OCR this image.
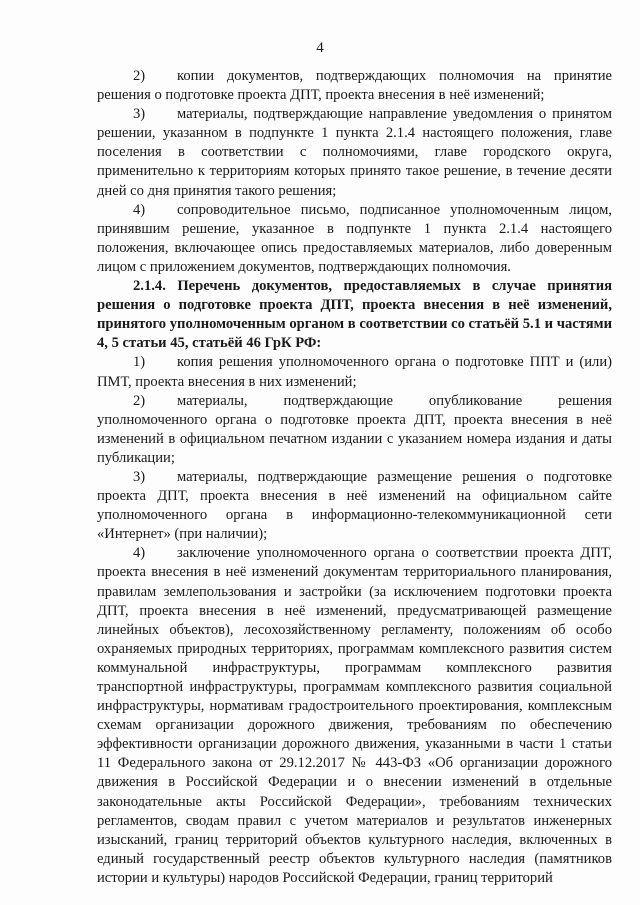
4

2) копии документов, подтверждающих полномочия на принятие решения о подготовке проекта ДПТ, проекта внесения в неё изменений;

3) материалы, подтверждающие направление уведомления о принятом решении, указанном в подпункте 1 пункта 2.1.4 настоящего положения, главе поселения в соответствии с полномочиями, главе городского округа, применительно к территориям которых принято такое решение, в течение десяти дней со дня принятия такого решения;

4) сопроводительное письмо, подписанное уполномоченным лицом, принявшим решение, указанное в подпункте 1 пункта 2.1.4 настоящего положения, включающее опись предоставляемых материалов, либо доверенным лицом с приложением документов, подтверждающих полномочия.

2.1.4. Перечень документов, предоставляемых в случае принятия решения о подготовке проекта ДПТ, проекта внесения в неё изменений, принятого уполномоченным органом в соответствии со статьёй 5.1 и частями 4, 5 статьи 45, статьёй 46 ГрК РФ:

1) копия решения уполномоченного органа о подготовке ППТ и (или) ПМТ, проекта внесения в них изменений;

2) материалы, подтверждающие опубликование решения уполномоченного органа о подготовке проекта ДПТ, проекта внесения в неё изменений в официальном печатном издании с указанием номера издания и даты публикации;

3) материалы, подтверждающие размещение решения о подготовке проекта ДПТ, проекта внесения в неё изменений на официальном сайте уполномоченного органа в информационно-телекоммуникационной сети «Интернет» (при наличии);

4) заключение уполномоченного органа о соответствии проекта ДПТ, проекта внесения в неё изменений документам территориального планирования, правилам землепользования и застройки (за исключением подготовки проекта ДПТ, проекта внесения в неё изменений, предусматривающей размещение линейных объектов), лесохозяйственному регламенту, положениям об особо охраняемых природных территориях, программам комплексного развития систем коммунальной инфраструктуры, программам комплексного развития транспортной инфраструктуры, программам комплексного развития социальной инфраструктуры, нормативам градостроительного проектирования, комплексным схемам организации дорожного движения, требованиям по обеспечению эффективности организации дорожного движения, указанными в части 1 статьи 11 Федерального закона от 29.12.2017 № 443-ФЗ «Об организации дорожного движения в Российской Федерации и о внесении изменений в отдельные законодательные акты Российской Федерации», требованиям технических регламентов, сводам правил с учетом материалов и результатов инженерных изысканий, границ территорий объектов культурного наследия, включенных в единый государственный реестр объектов культурного наследия (памятников истории и культуры) народов Российской Федерации, границ территорий
